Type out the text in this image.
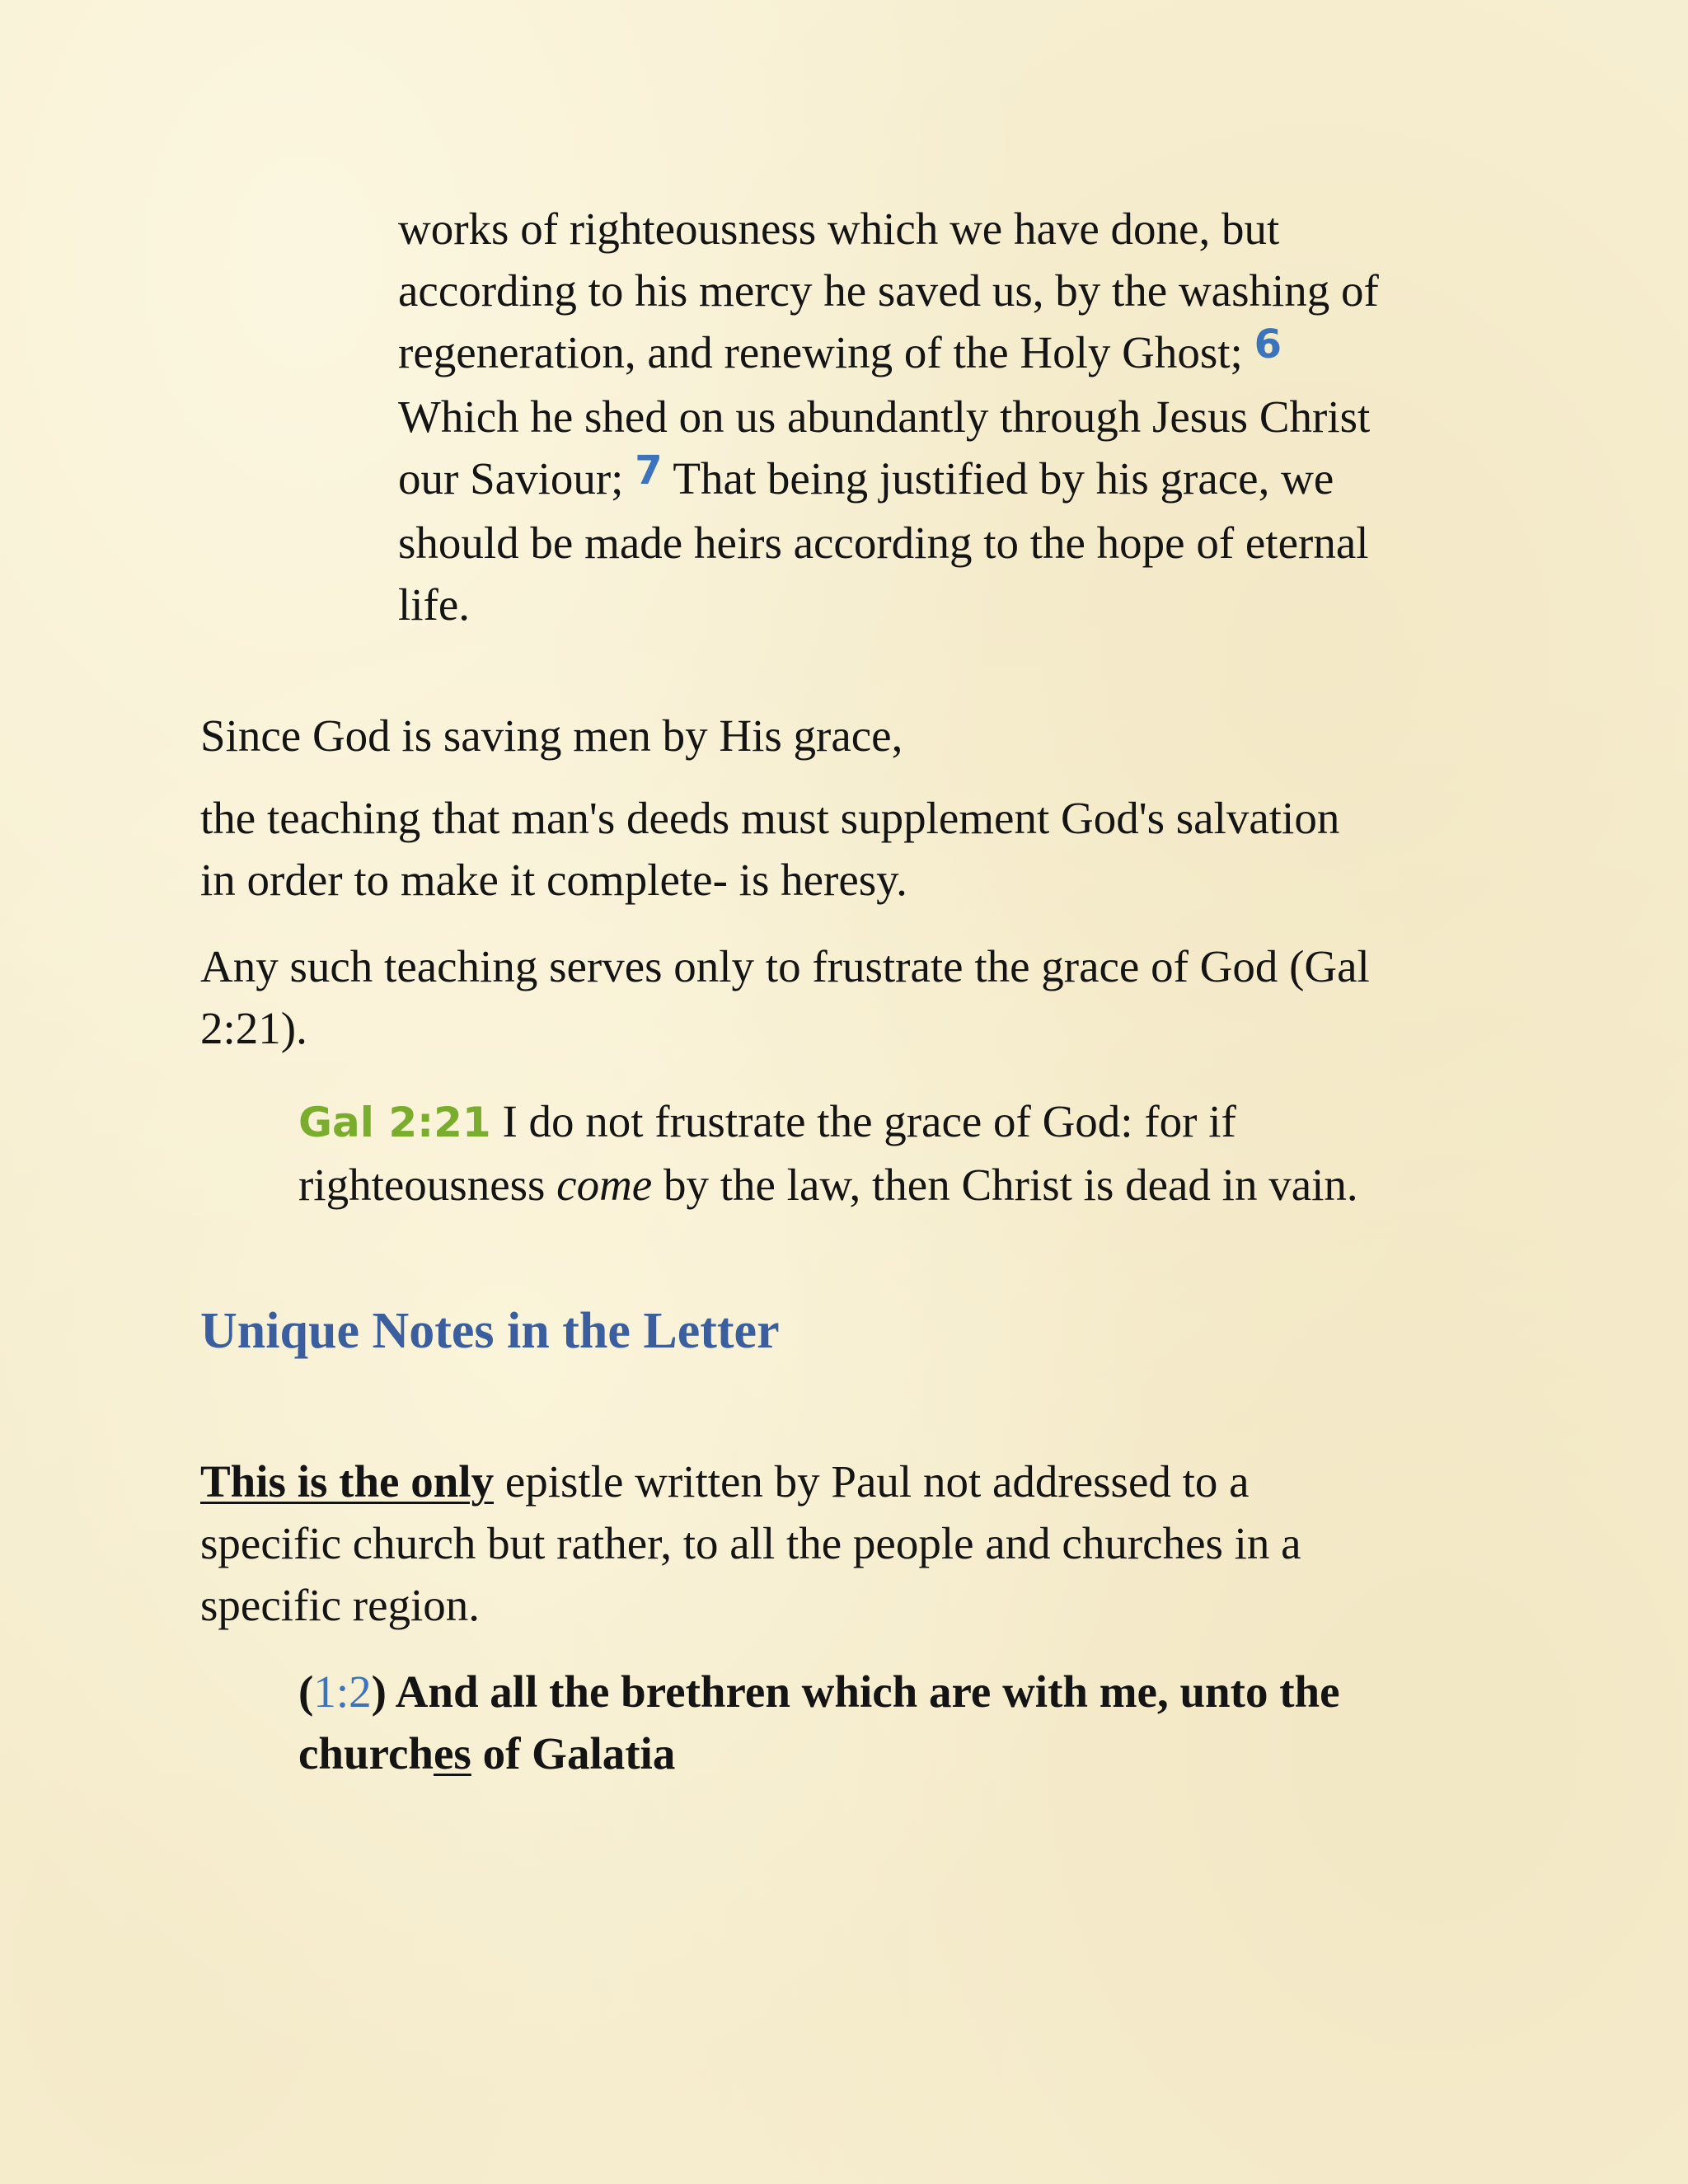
works of righteousness which we have done, but
according to his mercy he saved us, by the washing of
regeneration, and renewing of the Holy Ghost; 6
Which he shed on us abundantly through Jesus Christ
our Saviour; 7 That being justified by his grace, we
should be made heirs according to the hope of eternal
life.
Since God is saving men by His grace,
the teaching that man's deeds must supplement God's salvation
in order to make it complete- is heresy.
Any such teaching serves only to frustrate the grace of God (Gal
2:21).
Gal 2:21 I do not frustrate the grace of God: for if
righteousness come by the law, then Christ is dead in vain.
Unique Notes in the Letter
This is the only epistle written by Paul not addressed to a
specific church but rather, to all the people and churches in a
specific region.
(1:2) And all the brethren which are with me, unto the
churches of Galatia
